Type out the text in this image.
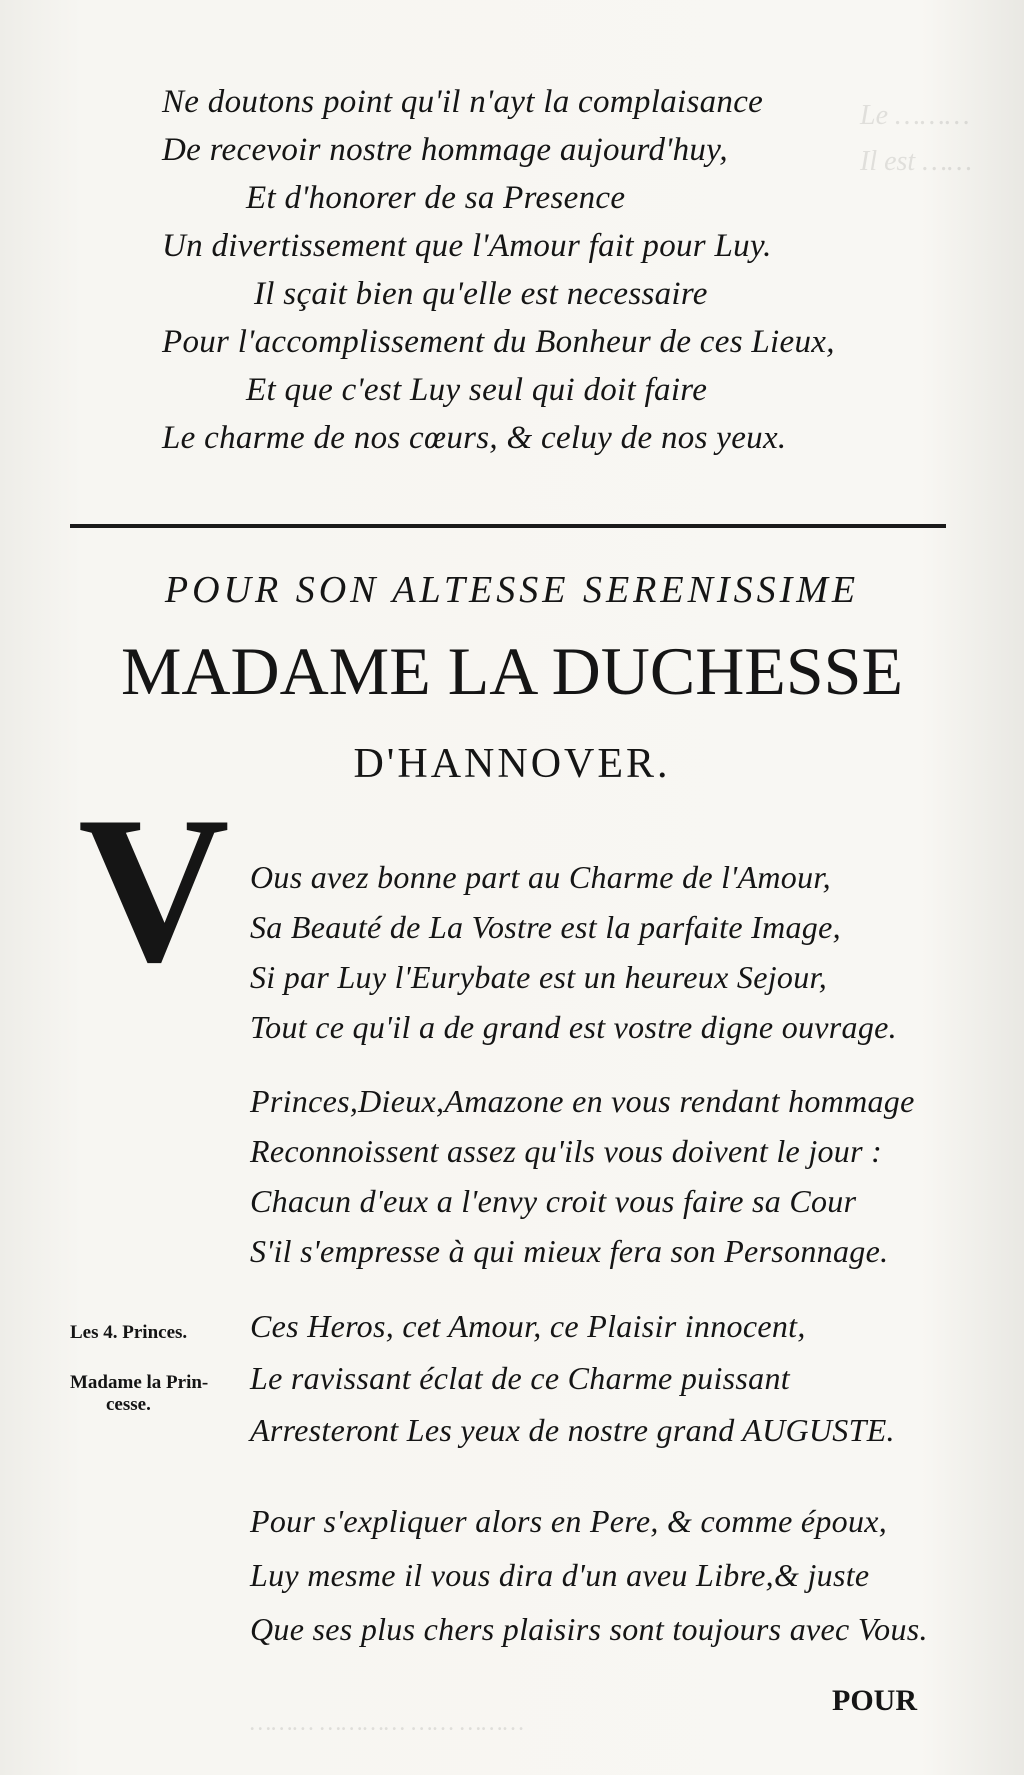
Le ………
Il est ……
……… ………… …… ………
Ne doutons point qu'il n'ayt la complaisance
De recevoir nostre hommage aujourd'huy,
Et d'honorer de sa Presence
Un divertissement que l'Amour fait pour Luy.
Il sçait bien qu'elle est necessaire
Pour l'accomplissement du Bonheur de ces Lieux,
Et que c'est Luy seul qui doit faire
Le charme de nos cœurs, & celuy de nos yeux.

POUR SON ALTESSE SERENISSIME

MADAME LA DUCHESSE
D'HANNOVER.
V Ous avez bonne part au Charme de l'Amour,
Sa Beauté de La Vostre est la parfaite Image,
Si par Luy l'Eurybate est un heureux Sejour,
Tout ce qu'il a de grand est vostre digne ouvrage.
Princes,Dieux,Amazone en vous rendant hommage
Reconnoissent assez qu'ils vous doivent le jour :
Chacun d'eux a l'envy croit vous faire sa Cour
S'il s'empresse à qui mieux fera son Personnage.

Les 4. Princes.

Madame la Prin-
cesse.

Ces Heros, cet Amour, ce Plaisir innocent,
Le ravissant éclat de ce Charme puissant
Arresteront Les yeux de nostre grand AUGUSTE.
Pour s'expliquer alors en Pere, & comme époux,
Luy mesme il vous dira d'un aveu Libre,& juste
Que ses plus chers plaisirs sont toujours avec Vous.

POUR
